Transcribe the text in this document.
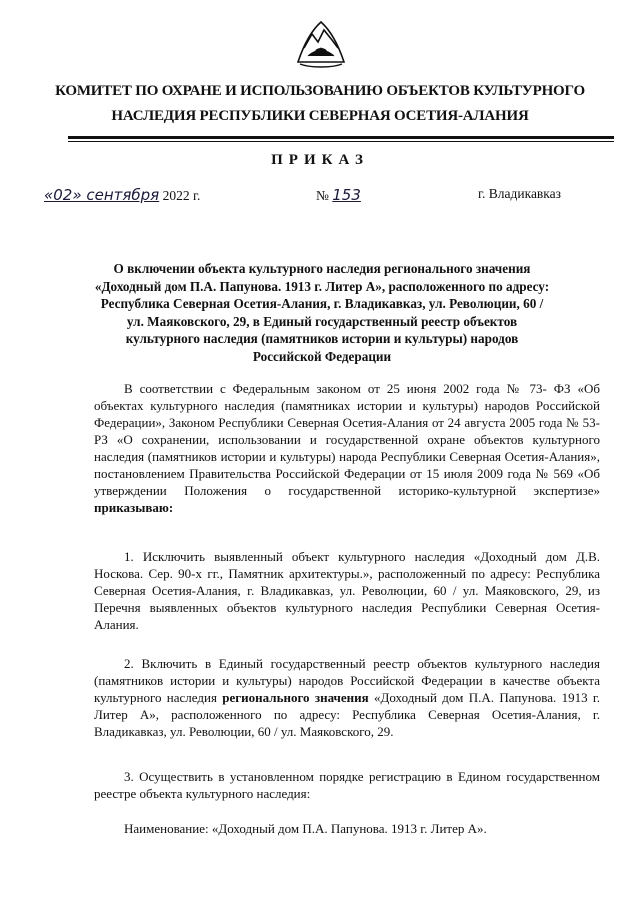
КОМИТЕТ ПО ОХРАНЕ И ИСПОЛЬЗОВАНИЮ ОБЪЕКТОВ КУЛЬТУРНОГО
НАСЛЕДИЯ РЕСПУБЛИКИ СЕВЕРНАЯ ОСЕТИЯ-АЛАНИЯ
ПРИКАЗ
«02» сентября 2022 г.	№ 153	г. Владикавказ
О включении объекта культурного наследия регионального значения «Доходный дом П.А. Папунова. 1913 г. Литер А», расположенного по адресу: Республика Северная Осетия-Алания, г. Владикавказ, ул. Революции, 60 / ул. Маяковского, 29, в Единый государственный реестр объектов культурного наследия (памятников истории и культуры) народов Российской Федерации
В соответствии с Федеральным законом от 25 июня 2002 года № 73- ФЗ «Об объектах культурного наследия (памятниках истории и культуры) народов Российской Федерации», Законом Республики Северная Осетия-Алания от 24 августа 2005 года № 53-РЗ «О сохранении, использовании и государственной охране объектов культурного наследия (памятников истории и культуры) народа Республики Северная Осетия-Алания», постановлением Правительства Российской Федерации от 15 июля 2009 года № 569 «Об утверждении Положения о государственной историко-культурной экспертизе» приказываю:
1. Исключить выявленный объект культурного наследия «Доходный дом Д.В. Носкова. Сер. 90-х гг., Памятник архитектуры.», расположенный по адресу: Республика Северная Осетия-Алания, г. Владикавказ, ул. Революции, 60 / ул. Маяковского, 29, из Перечня выявленных объектов культурного наследия Республики Северная Осетия-Алания.
2. Включить в Единый государственный реестр объектов культурного наследия (памятников истории и культуры) народов Российской Федерации в качестве объекта культурного наследия регионального значения «Доходный дом П.А. Папунова. 1913 г. Литер А», расположенного по адресу: Республика Северная Осетия-Алания, г. Владикавказ, ул. Революции, 60 / ул. Маяковского, 29.
3. Осуществить в установленном порядке регистрацию в Едином государственном реестре объекта культурного наследия:
Наименование: «Доходный дом П.А. Папунова. 1913 г. Литер А».
